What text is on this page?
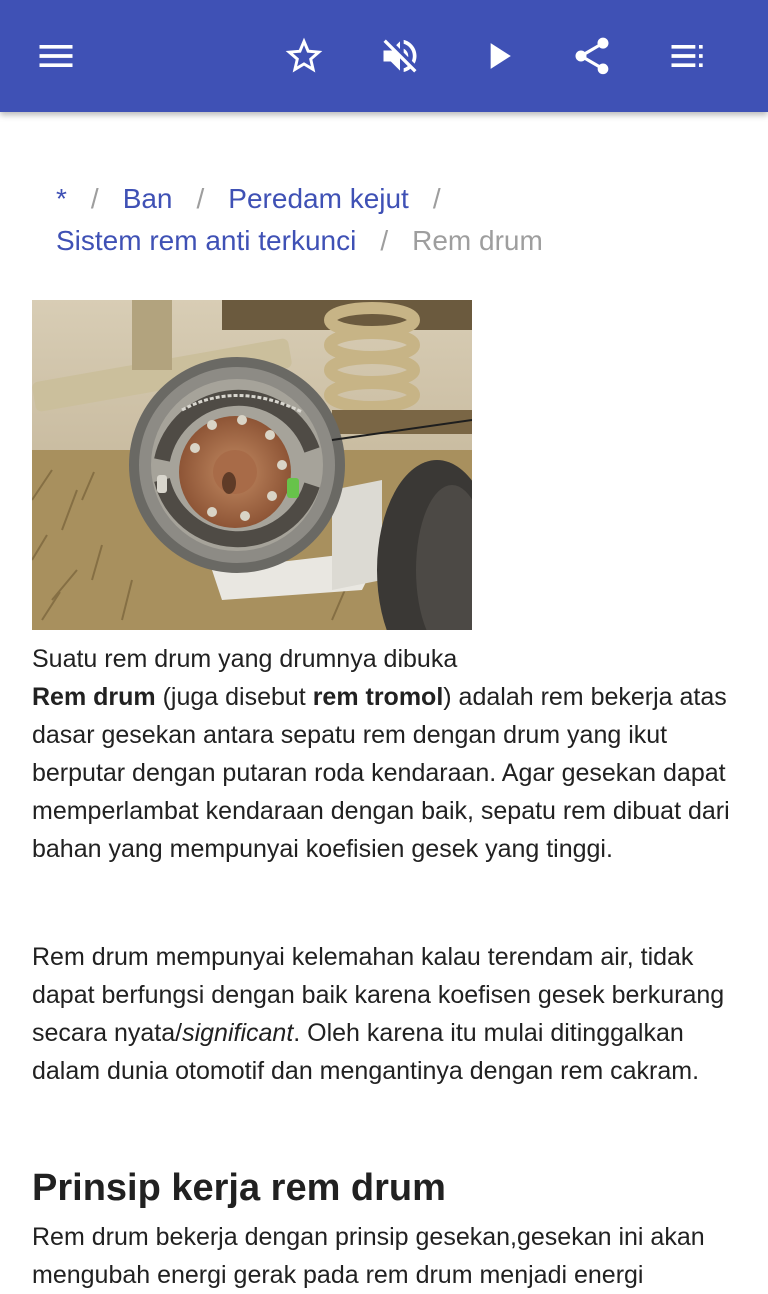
* / Ban / Peredam kejut /
Sistem rem anti terkunci / Rem drum
Suatu rem drum yang drumnya dibuka

Rem drum (juga disebut rem tromol) adalah rem bekerja atas dasar gesekan antara sepatu rem dengan drum yang ikut berputar dengan putaran roda kendaraan. Agar gesekan dapat memperlambat kendaraan dengan baik, sepatu rem dibuat dari bahan yang mempunyai koefisien gesek yang tinggi.

Rem drum mempunyai kelemahan kalau terendam air, tidak dapat berfungsi dengan baik karena koefisen gesek berkurang secara nyata/significant. Oleh karena itu mulai ditinggalkan dalam dunia otomotif dan mengantinya dengan rem cakram.

Prinsip kerja rem drum

Rem drum bekerja dengan prinsip gesekan,gesekan ini akan mengubah energi gerak pada rem drum menjadi energi
